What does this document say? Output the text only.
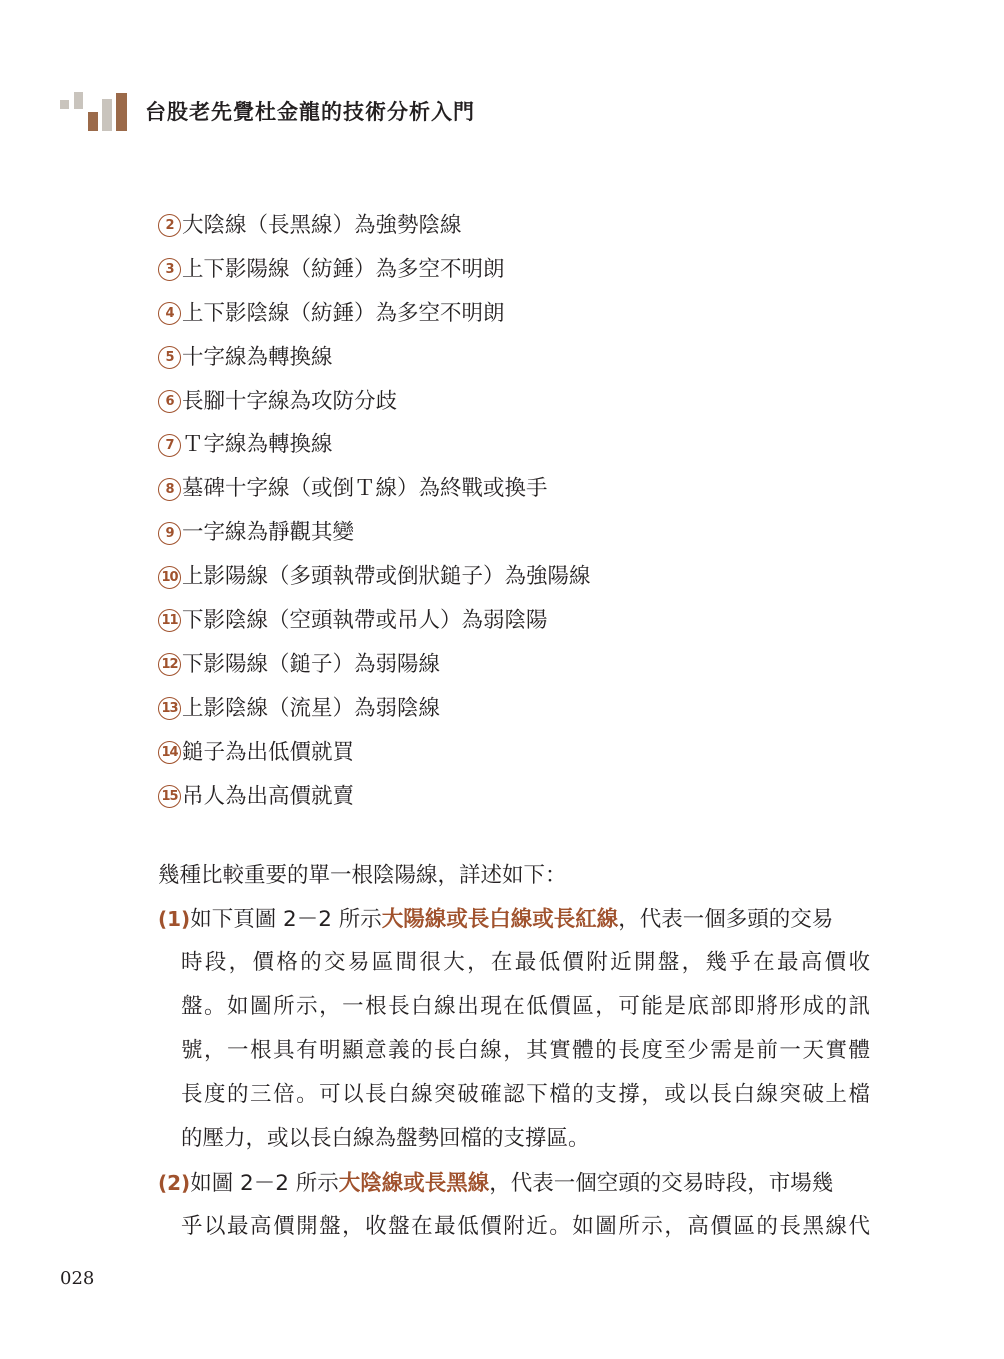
台股老先覺杜金龍的技術分析入門
2 大陰線（長黑線）為強勢陰線
3 上下影陽線（紡錘）為多空不明朗
4 上下影陰線（紡錘）為多空不明朗
5 十字線為轉換線
6 長腳十字線為攻防分歧
7 Ｔ字線為轉換線
8 墓碑十字線（或倒Ｔ線）為終戰或換手
9 一字線為靜觀其變
10 上影陽線（多頭執帶或倒狀鎚子）為強陽線
11 下影陰線（空頭執帶或吊人）為弱陰陽
12 下影陽線（鎚子）為弱陽線
13 上影陰線（流星）為弱陰線
14 鎚子為出低價就買
15 吊人為出高價就賣
幾種比較重要的單一根陰陽線，詳述如下：
(1)如下頁圖 2－2 所示大陽線或長白線或長紅線，代表一個多頭的交易
時段，價格的交易區間很大，在最低價附近開盤，幾乎在最高價收
盤。如圖所示，一根長白線出現在低價區，可能是底部即將形成的訊
號，一根具有明顯意義的長白線，其實體的長度至少需是前一天實體
長度的三倍。可以長白線突破確認下檔的支撐，或以長白線突破上檔
的壓力，或以長白線為盤勢回檔的支撐區。
(2)如圖 2－2 所示大陰線或長黑線，代表一個空頭的交易時段，市場幾
乎以最高價開盤，收盤在最低價附近。如圖所示，高價區的長黑線代
028
